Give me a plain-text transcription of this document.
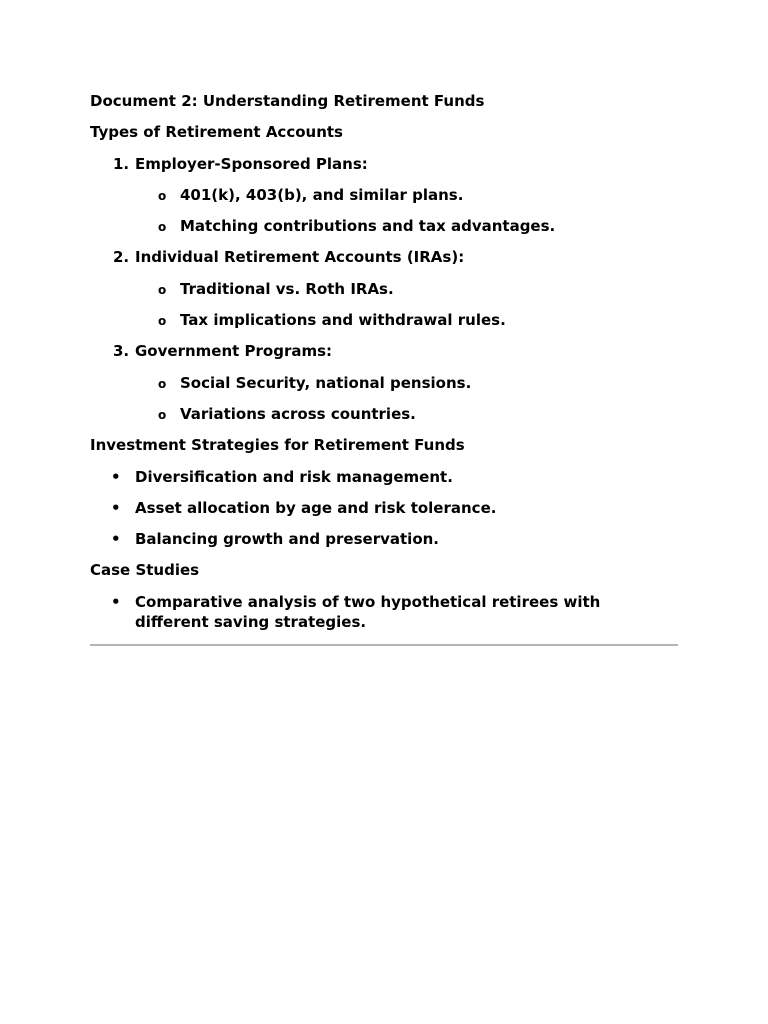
Document 2: Understanding Retirement Funds
Types of Retirement Accounts
1. Employer-Sponsored Plans:
o 401(k), 403(b), and similar plans.
o Matching contributions and tax advantages.
2. Individual Retirement Accounts (IRAs):
o Traditional vs. Roth IRAs.
o Tax implications and withdrawal rules.
3. Government Programs:
o Social Security, national pensions.
o Variations across countries.
Investment Strategies for Retirement Funds
• Diversification and risk management.
• Asset allocation by age and risk tolerance.
• Balancing growth and preservation.
Case Studies
• Comparative analysis of two hypothetical retirees with different saving strategies.
